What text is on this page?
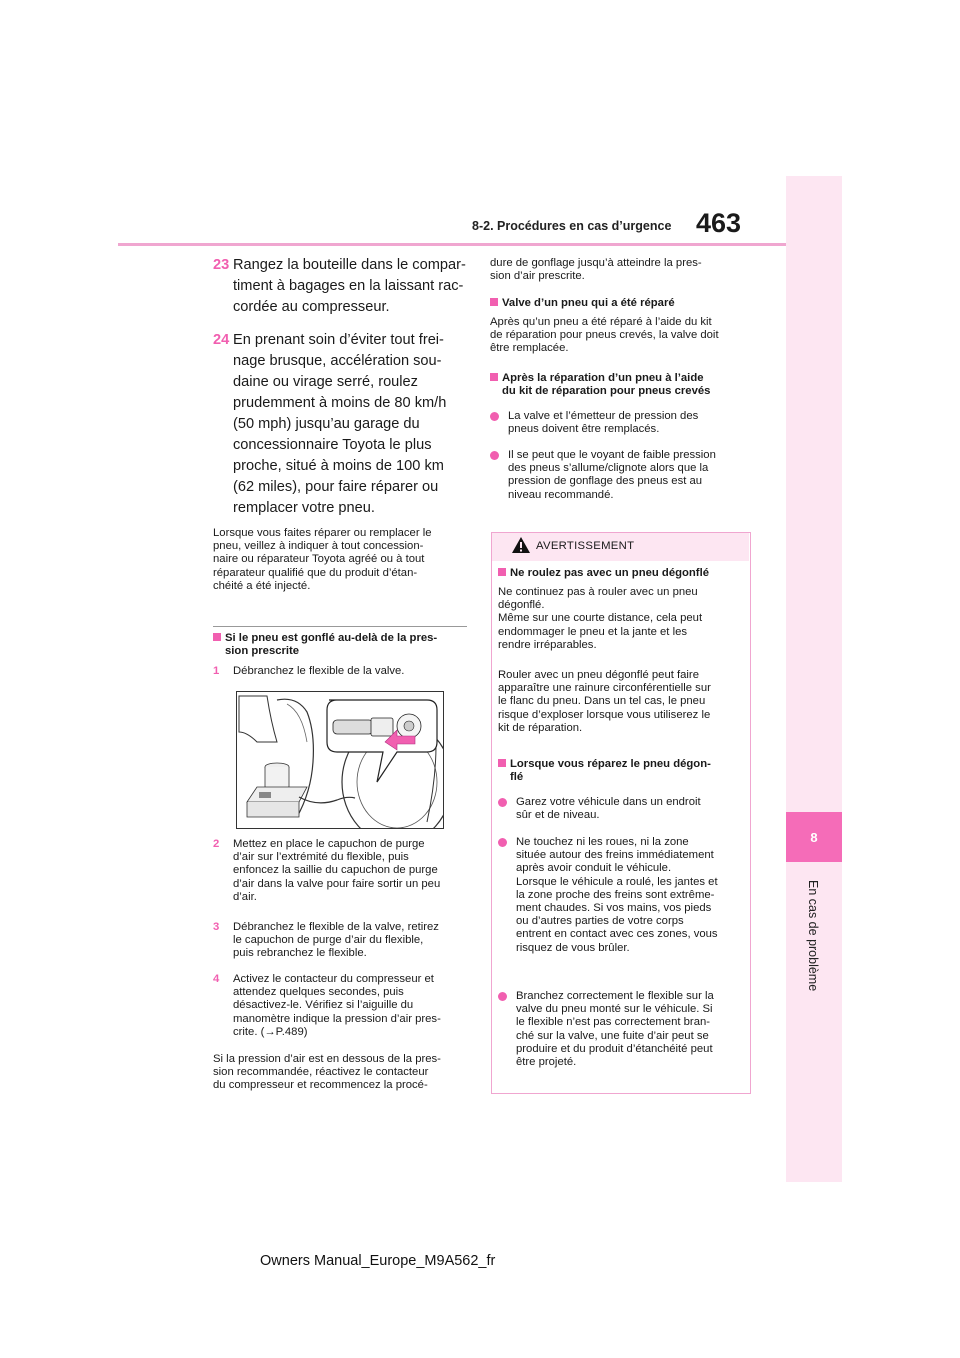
463
8-2. Procédures en cas d’urgence
8
En cas de problème
23 Rangez la bouteille dans le compar-
timent à bagages en la laissant rac-
cordée au compresseur.
24 En prenant soin d’éviter tout frei-
nage brusque, accélération sou-
daine ou virage serré, roulez
prudemment à moins de 80 km/h
(50 mph) jusqu’au garage du
concessionnaire Toyota le plus
proche, situé à moins de 100 km
(62 miles), pour faire réparer ou
remplacer votre pneu.
Lorsque vous faites réparer ou remplacer le
pneu, veillez à indiquer à tout concession-
naire ou réparateur Toyota agréé ou à tout
réparateur qualifié que du produit d’étan-
chéité a été injecté.
Si le pneu est gonflé au-delà de la pres-
sion prescrite
1 Débranchez le flexible de la valve.
2 Mettez en place le capuchon de purge
d’air sur l’extrémité du flexible, puis
enfoncez la saillie du capuchon de purge
d’air dans la valve pour faire sortir un peu
d’air.
3 Débranchez le flexible de la valve, retirez
le capuchon de purge d’air du flexible,
puis rebranchez le flexible.
4 Activez le contacteur du compresseur et
attendez quelques secondes, puis
désactivez-le. Vérifiez si l’aiguille du
manomètre indique la pression d’air pres-
crite. (→P.489)
Si la pression d’air est en dessous de la pres-
sion recommandée, réactivez le contacteur
du compresseur et recommencez la procé-
dure de gonflage jusqu’à atteindre la pres-
sion d’air prescrite.
Valve d’un pneu qui a été réparé
Après qu’un pneu a été réparé à l’aide du kit
de réparation pour pneus crevés, la valve doit
être remplacée.
Après la réparation d’un pneu à l’aide
du kit de réparation pour pneus crevés
La valve et l’émetteur de pression des
pneus doivent être remplacés.
Il se peut que le voyant de faible pression
des pneus s’allume/clignote alors que la
pression de gonflage des pneus est au
niveau recommandé.
AVERTISSEMENT
Ne roulez pas avec un pneu dégonflé
Ne continuez pas à rouler avec un pneu
dégonflé.
Même sur une courte distance, cela peut
endommager le pneu et la jante et les
rendre irréparables.
Rouler avec un pneu dégonflé peut faire
apparaître une rainure circonférentielle sur
le flanc du pneu. Dans un tel cas, le pneu
risque d’exploser lorsque vous utiliserez le
kit de réparation.
Lorsque vous réparez le pneu dégon-
flé
Garez votre véhicule dans un endroit
sûr et de niveau.
Ne touchez ni les roues, ni la zone
située autour des freins immédiatement
après avoir conduit le véhicule.
Lorsque le véhicule a roulé, les jantes et
la zone proche des freins sont extrême-
ment chaudes. Si vos mains, vos pieds
ou d’autres parties de votre corps
entrent en contact avec ces zones, vous
risquez de vous brûler.
Branchez correctement le flexible sur la
valve du pneu monté sur le véhicule. Si
le flexible n’est pas correctement bran-
ché sur la valve, une fuite d’air peut se
produire et du produit d’étanchéité peut
être projeté.
Owners Manual_Europe_M9A562_fr
